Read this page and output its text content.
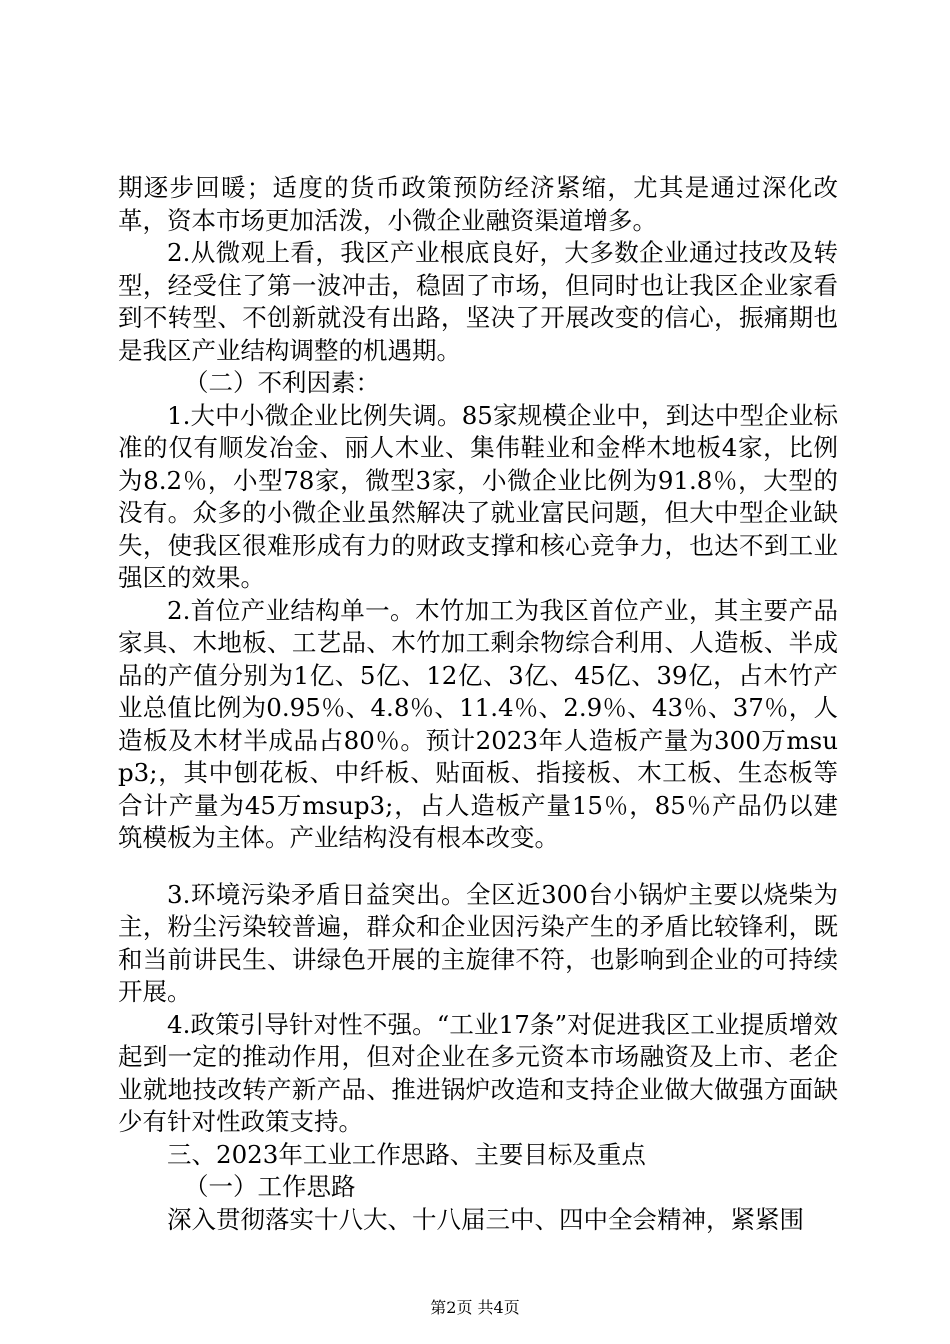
期逐步回暖；适度的货币政策预防经济紧缩，尤其是通过深化改革，资本市场更加活泼，小微企业融资渠道增多。

2.从微观上看，我区产业根底良好，大多数企业通过技改及转型，经受住了第一波冲击，稳固了市场，但同时也让我区企业家看到不转型、不创新就没有出路，坚决了开展改变的信心，振痛期也是我区产业结构调整的机遇期。

（二）不利因素：

1.大中小微企业比例失调。85家规模企业中，到达中型企业标准的仅有顺发冶金、丽人木业、集伟鞋业和金桦木地板4家，比例为8.2％，小型78家，微型3家，小微企业比例为91.8％，大型的没有。众多的小微企业虽然解决了就业富民问题，但大中型企业缺失，使我区很难形成有力的财政支撑和核心竞争力，也达不到工业强区的效果。

2.首位产业结构单一。木竹加工为我区首位产业，其主要产品家具、木地板、工艺品、木竹加工剩余物综合利用、人造板、半成品的产值分别为1亿、5亿、12亿、3亿、45亿、39亿，占木竹产业总值比例为0.95％、4.8％、11.4％、2.9％、43％、37％，人造板及木材半成品占80％。预计2023年人造板产量为300万msup3;，其中刨花板、中纤板、贴面板、指接板、木工板、生态板等合计产量为45万msup3;，占人造板产量15％，85％产品仍以建筑模板为主体。产业结构没有根本改变。

3.环境污染矛盾日益突出。全区近300台小锅炉主要以烧柴为主，粉尘污染较普遍，群众和企业因污染产生的矛盾比较锋利，既和当前讲民生、讲绿色开展的主旋律不符，也影响到企业的可持续开展。

4.政策引导针对性不强。“工业17条”对促进我区工业提质增效起到一定的推动作用，但对企业在多元资本市场融资及上市、老企业就地技改转产新产品、推进锅炉改造和支持企业做大做强方面缺少有针对性政策支持。

三、2023年工业工作思路、主要目标及重点

（一）工作思路

深入贯彻落实十八大、十八届三中、四中全会精神，紧紧围

第2页 共4页
